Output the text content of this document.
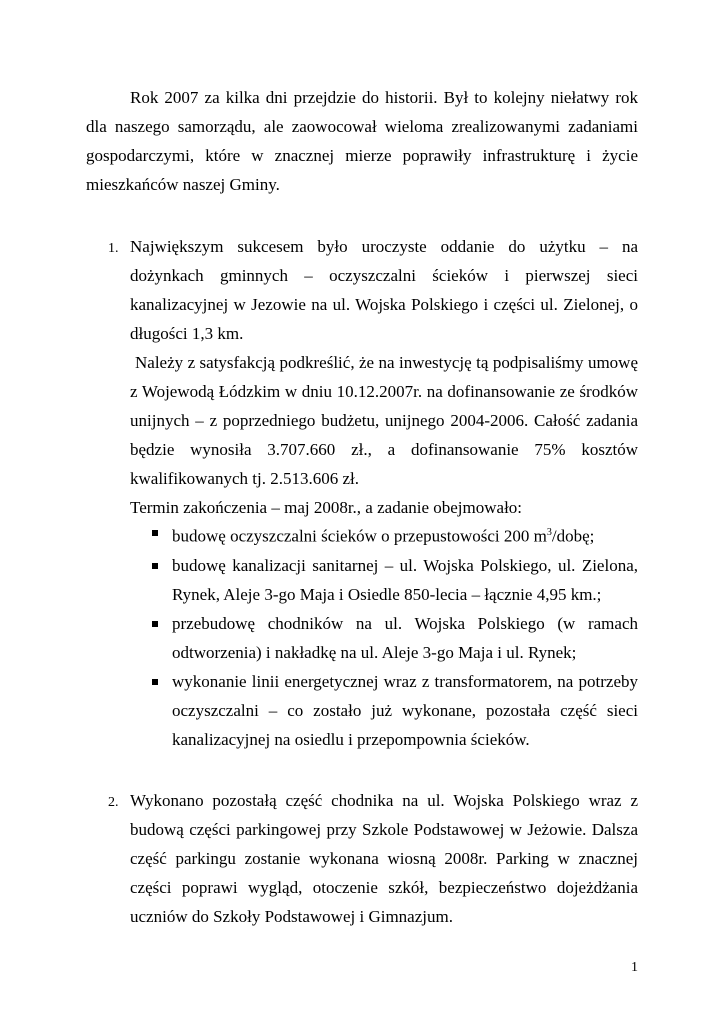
Rok 2007 za kilka dni przejdzie do historii. Był to kolejny niełatwy rok dla naszego samorządu, ale zaowocował wieloma zrealizowanymi zadaniami gospodarczymi, które w znacznej mierze poprawiły infrastrukturę i życie mieszkańców naszej Gminy.

1. Największym sukcesem było uroczyste oddanie do użytku – na dożynkach gminnych – oczyszczalni ścieków i pierwszej sieci kanalizacyjnej w Jezowie na ul. Wojska Polskiego i części ul. Zielonej, o długości 1,3 km.

Należy z satysfakcją podkreślić, że na inwestycję tą podpisaliśmy umowę z Wojewodą Łódzkim w dniu 10.12.2007r. na dofinansowanie ze środków unijnych – z poprzedniego budżetu, unijnego 2004-2006. Całość zadania będzie wynosiła 3.707.660 zł., a dofinansowanie 75% kosztów kwalifikowanych tj. 2.513.606 zł.

Termin zakończenia – maj 2008r., a zadanie obejmowało:

budowę oczyszczalni ścieków o przepustowości 200 $m^3$/dobę;
budowę kanalizacji sanitarnej – ul. Wojska Polskiego, ul. Zielona, Rynek, Aleje 3-go Maja i Osiedle 850-lecia – łącznie 4,95 km.;
przebudowę chodników na ul. Wojska Polskiego (w ramach odtworzenia) i nakładkę na ul. Aleje 3-go Maja i ul. Rynek;
wykonanie linii energetycznej wraz z transformatorem, na potrzeby oczyszczalni – co zostało już wykonane, pozostała część sieci kanalizacyjnej na osiedlu i przepompownia ścieków.
2. Wykonano pozostałą część chodnika na ul. Wojska Polskiego wraz z budową części parkingowej przy Szkole Podstawowej w Jeżowie. Dalsza część parkingu zostanie wykonana wiosną 2008r. Parking w znacznej części poprawi wygląd, otoczenie szkół, bezpieczeństwo dojeżdżania uczniów do Szkoły Podstawowej i Gimnazjum.

1
